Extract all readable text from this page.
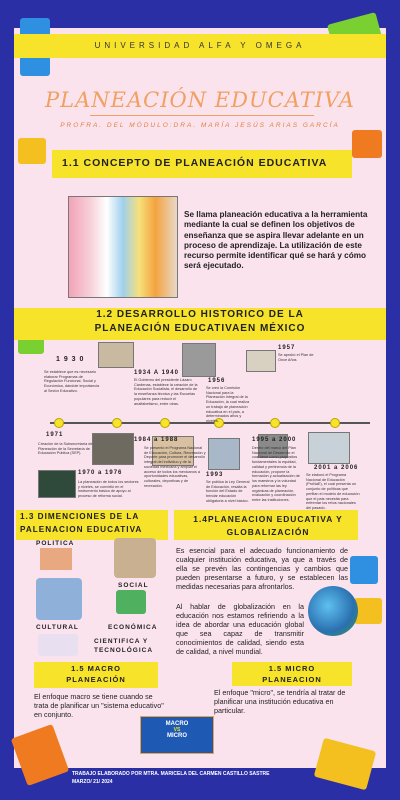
UNIVERSIDAD ALFA Y OMEGA
PLANEACIÓN EDUCATIVA
PROFRA. DEL MÓDULO:DRA. MARÍA JESÚS ARIAS GARCÍA
1.1 CONCEPTO DE PLANEACIÓN EDUCATIVA
Se llama planeación educativa a la herramienta mediante la cual se definen los objetivos de enseñanza que se aspira llevar adelante en un proceso de aprendizaje. La utilización de este recurso permite identificar qué se hará y cómo será ejecutado.
1.2 DESARROLLO HISTORICO DE LA
PLANEACIÓN EDUCATIVAEN MÉXICO
1 9 3 0
Se establece que es necesario elaborar Programas de Regulación Funcional, Social y Económica, dándole importancia al Sector Educativo.
1934 A 1940
El Gobierno del presidente Lázaro Cárdenas, establece la creación de la Educación Socialista, el desarrollo de la enseñanza técnica y las Escuelas populares para reducir el analfabetismo, entre otras.
1956
Se creó la Comisión Nacional para la Planeación Integral de la Educación, la cual realiza un trabajo de planeación educativa en el país, a determinados años y niveles.
1957
Se aprobó el Plan de Once Años
1971
Creación de la Subsecretaría de Planeación de la Secretaría de Educación Pública (SEP).
1984 a 1988
Se presentó el Programa Nacional de Educación, Cultura, Recreación y Deporte para promover el desarrollo integral del individuo y de la sociedad mexicana y ampliar el acceso de todos los mexicanos a oportunidades educativas, culturales, deportivas y de recreación.
1970 a 1976
La planeación de todos los sectores y niveles, se convirtió en el instrumento básico de apoyo al proceso de reforma social.
1993
Se publica la Ley General de Educación, resalta la función del Estado de brindar educación obligatoria a nivel básico.
1995 a 2000
Dentro del marco del Plan Nacional de Desarrollo el cual tiene como propósitos fundamentales la equidad, calidad y pertinencia de la educación, propone la formación y actualización de los maestros y la voluntad para reformar las ley orgánicas de planeación, evaluación y coordinación entre las instituciones.
2001 a 2006
Se elaboró el Programa Nacional de Educación (ProNaE), el cual presenta un conjunto de políticas que perfilan el modelo de educación que el país necesita para enfrentar los retos nacionales del pasado.
1.3 DIMENCIONES DE LA
PALENACION EDUCATIVA
POLITICA
SOCIAL
CULTURAL	ECONÓMICA
CIENTIFICA Y
TECNOLÓGICA
1.4PLANEACION EDUCATIVA Y
GLOBALIZACIÓN
Es esencial para el adecuado funcionamiento de cualquier institución educativa, ya que a través de ella se prevén las contingencias y cambios que pueden presentarse a futuro, y se establecen las medidas necesarias para afrontarlos.
Al hablar de globalización en la educación nos estamos refiriendo a la idea de abordar una educación global que sea capaz de transmitir conocimientos de calidad, siendo esta de calidad, a nivel mundial.
1.5 MACRO
PLANEACIÓN
El enfoque macro se tiene cuando se trata de planificar un "sistema educativo" en conjunto.
1.5 MICRO
PLANEACION
El enfoque "micro", se tendría al tratar de planificar una institución educativa en particular.
MACRO
VS
MICRO
TRABAJO ELABORADO POR MTRA. MARICELA DEL CARMEN CASTILLO SASTRE
MARZO/ 21/ 2024
